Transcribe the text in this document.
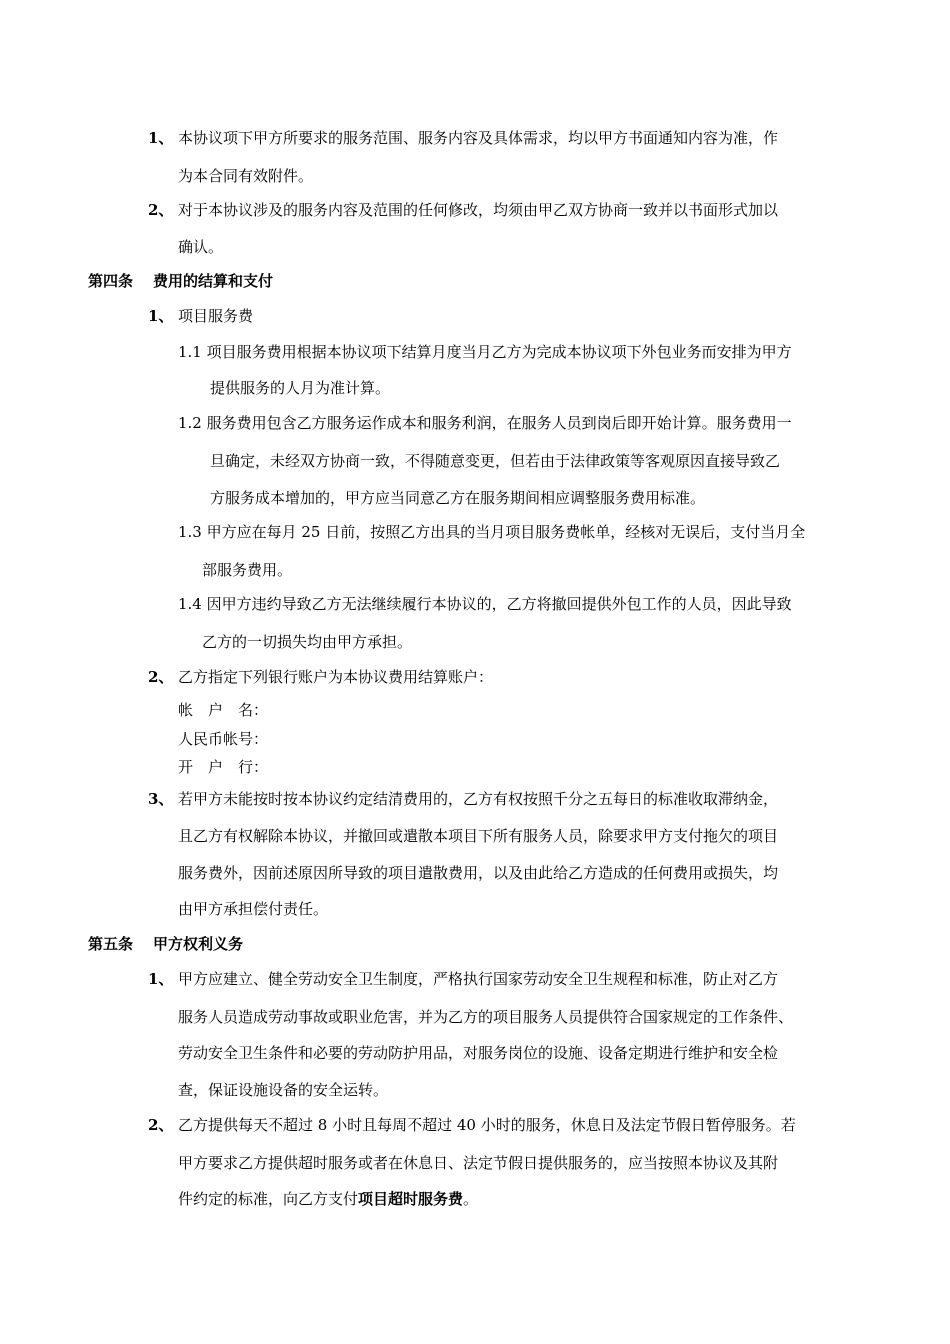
1、 本协议项下甲方所要求的服务范围、服务内容及具体需求，均以甲方书面通知内容为准，作
为本合同有效附件。
2、 对于本协议涉及的服务内容及范围的任何修改，均须由甲乙双方协商一致并以书面形式加以
确认。
第四条 费用的结算和支付
1、 项目服务费
1.1 项目服务费用根据本协议项下结算月度当月乙方为完成本协议项下外包业务而安排为甲方
提供服务的人月为准计算。
1.2 服务费用包含乙方服务运作成本和服务利润，在服务人员到岗后即开始计算。服务费用一
旦确定，未经双方协商一致，不得随意变更，但若由于法律政策等客观原因直接导致乙
方服务成本增加的，甲方应当同意乙方在服务期间相应调整服务费用标准。
1.3 甲方应在每月 25 日前，按照乙方出具的当月项目服务费帐单，经核对无误后，支付当月全
部服务费用。
1.4 因甲方违约导致乙方无法继续履行本协议的，乙方将撤回提供外包工作的人员，因此导致
乙方的一切损失均由甲方承担。
2、 乙方指定下列银行账户为本协议费用结算账户：
帐　户　名：
人民币帐号：
开　户　行：
3、 若甲方未能按时按本协议约定结清费用的，乙方有权按照千分之五每日的标准收取滞纳金，
且乙方有权解除本协议，并撤回或遣散本项目下所有服务人员，除要求甲方支付拖欠的项目
服务费外，因前述原因所导致的项目遣散费用，以及由此给乙方造成的任何费用或损失，均
由甲方承担偿付责任。
第五条 甲方权利义务
1、 甲方应建立、健全劳动安全卫生制度，严格执行国家劳动安全卫生规程和标准，防止对乙方
服务人员造成劳动事故或职业危害，并为乙方的项目服务人员提供符合国家规定的工作条件、
劳动安全卫生条件和必要的劳动防护用品，对服务岗位的设施、设备定期进行维护和安全检
查，保证设施设备的安全运转。
2、 乙方提供每天不超过 8 小时且每周不超过 40 小时的服务，休息日及法定节假日暂停服务。若
甲方要求乙方提供超时服务或者在休息日、法定节假日提供服务的，应当按照本协议及其附
件约定的标准，向乙方支付项目超时服务费。
